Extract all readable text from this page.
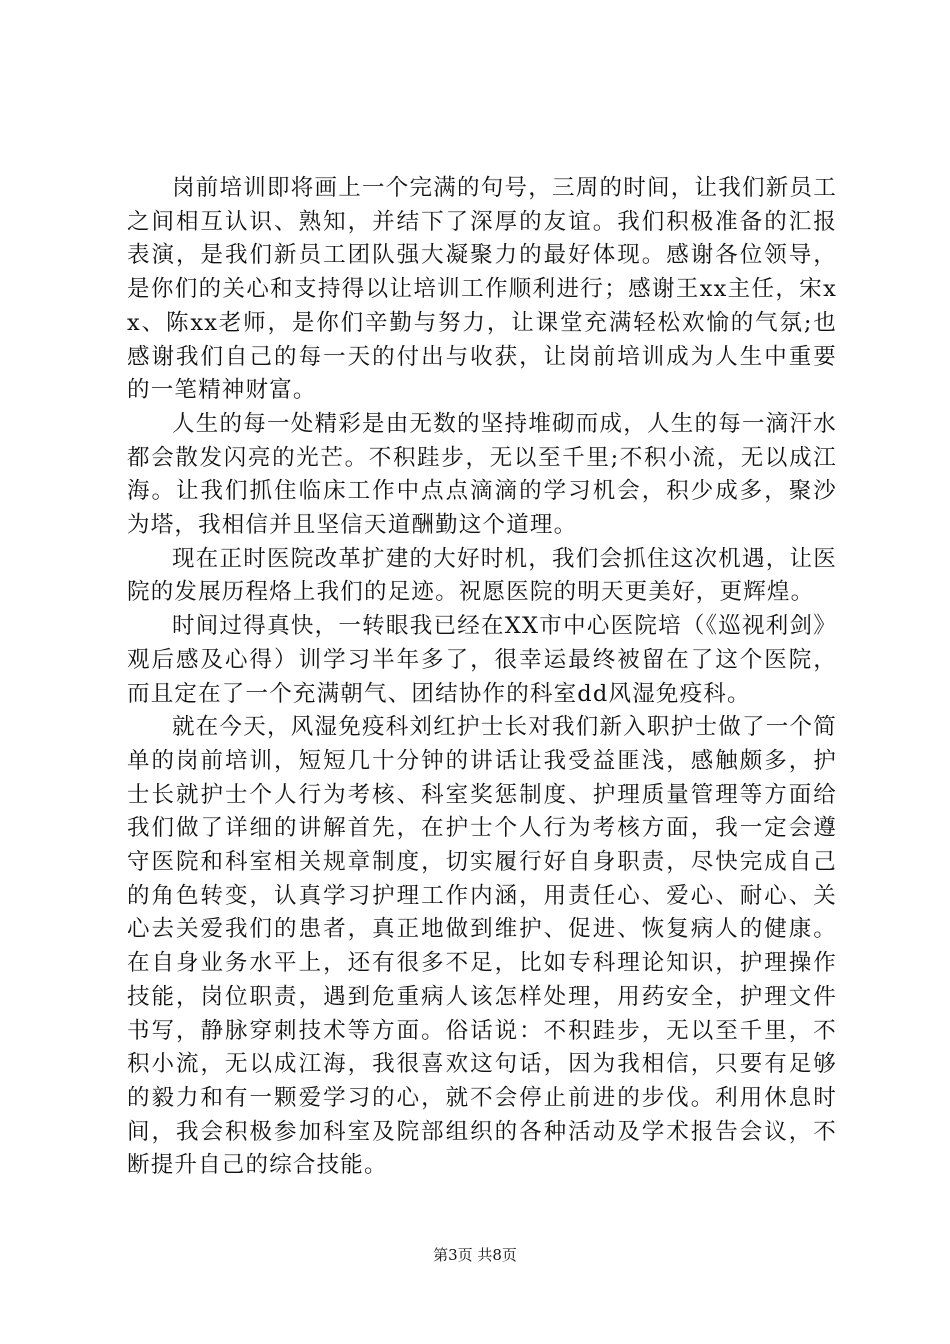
岗前培训即将画上一个完满的句号，三周的时间，让我们新员工之间相互认识、熟知，并结下了深厚的友谊。我们积极准备的汇报表演，是我们新员工团队强大凝聚力的最好体现。感谢各位领导，是你们的关心和支持得以让培训工作顺利进行；感谢王xx主任，宋xx、陈xx老师，是你们辛勤与努力，让课堂充满轻松欢愉的气氛;也感谢我们自己的每一天的付出与收获，让岗前培训成为人生中重要的一笔精神财富。

人生的每一处精彩是由无数的坚持堆砌而成，人生的每一滴汗水都会散发闪亮的光芒。不积跬步，无以至千里;不积小流，无以成江海。让我们抓住临床工作中点点滴滴的学习机会，积少成多，聚沙为塔，我相信并且坚信天道酬勤这个道理。

现在正时医院改革扩建的大好时机，我们会抓住这次机遇，让医院的发展历程烙上我们的足迹。祝愿医院的明天更美好，更辉煌。

时间过得真快，一转眼我已经在XX市中心医院培（《巡视利剑》观后感及心得）训学习半年多了，很幸运最终被留在了这个医院，而且定在了一个充满朝气、团结协作的科室dd风湿免疫科。

就在今天，风湿免疫科刘红护士长对我们新入职护士做了一个简单的岗前培训，短短几十分钟的讲话让我受益匪浅，感触颇多，护士长就护士个人行为考核、科室奖惩制度、护理质量管理等方面给我们做了详细的讲解首先，在护士个人行为考核方面，我一定会遵守医院和科室相关规章制度，切实履行好自身职责，尽快完成自己的角色转变，认真学习护理工作内涵，用责任心、爱心、耐心、关心去关爱我们的患者，真正地做到维护、促进、恢复病人的健康。在自身业务水平上，还有很多不足，比如专科理论知识，护理操作技能，岗位职责，遇到危重病人该怎样处理，用药安全，护理文件书写，静脉穿刺技术等方面。俗话说：不积跬步，无以至千里，不积小流，无以成江海，我很喜欢这句话，因为我相信，只要有足够的毅力和有一颗爱学习的心，就不会停止前进的步伐。利用休息时间，我会积极参加科室及院部组织的各种活动及学术报告会议，不断提升自己的综合技能。

第3页 共8页
